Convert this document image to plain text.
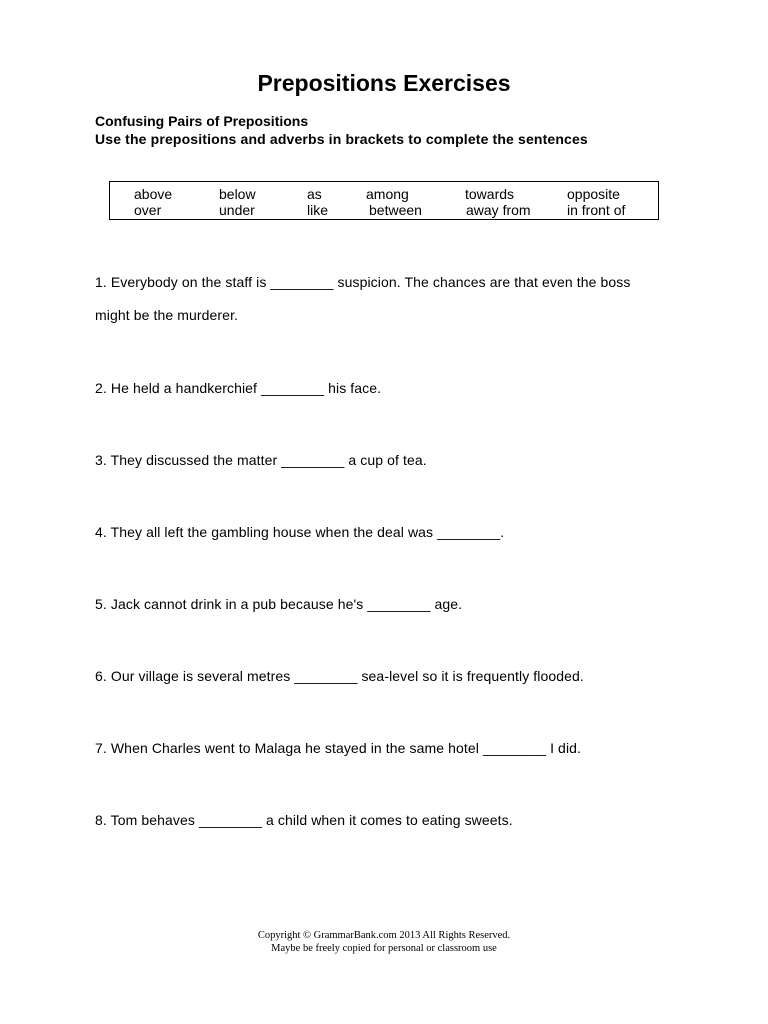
Prepositions Exercises
Confusing Pairs of Prepositions
Use the prepositions and adverbs in brackets to complete the sentences
above	below	as	among	towards	opposite
over	under	like	between	away from	in front of
1. Everybody on the staff is ________ suspicion. The chances are that even the boss
might be the murderer.
2. He held a handkerchief ________ his face.
3. They discussed the matter ________ a cup of tea.
4. They all left the gambling house when the deal was ________.
5. Jack cannot drink in a pub because he's ________ age.
6. Our village is several metres ________ sea-level so it is frequently flooded.
7. When Charles went to Malaga he stayed in the same hotel ________ I did.
8. Tom behaves ________ a child when it comes to eating sweets.
Copyright © GrammarBank.com 2013 All Rights Reserved.
Maybe be freely copied for personal or classroom use
